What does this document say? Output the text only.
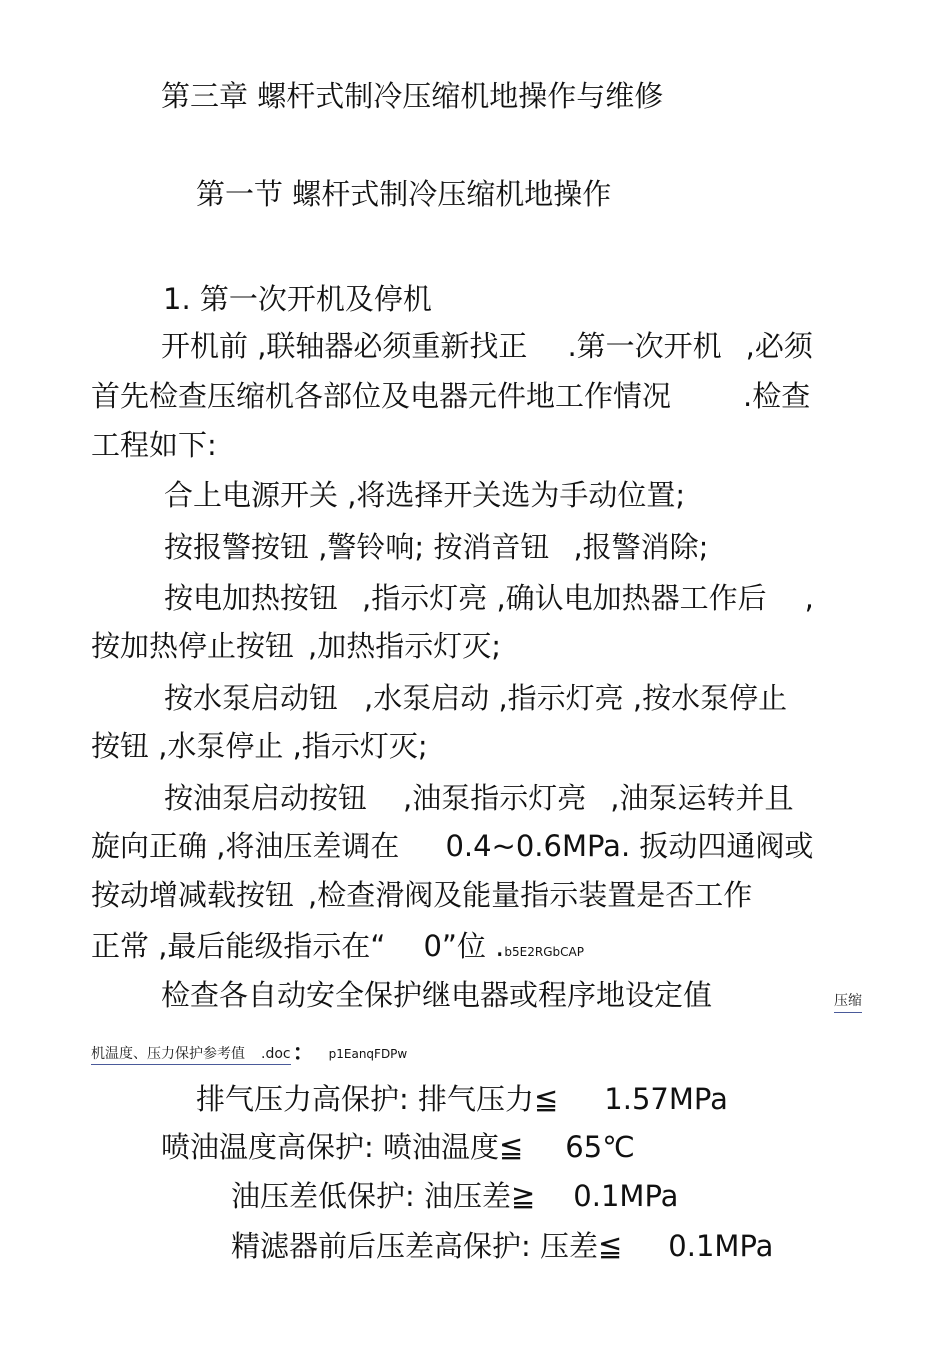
第三章 螺杆式制冷压缩机地操作与维修
第一节 螺杆式制冷压缩机地操作
1. 第一次开机及停机

开机前 ,联轴器必须重新找正 .第一次开机 ,必须

首先检查压缩机各部位及电器元件地工作情况 .检查

工程如下:

合上电源开关 ,将选择开关选为手动位置;

按报警按钮 ,警铃响; 按消音钮 ,报警消除;

按电加热按钮 ,指示灯亮 ,确认电加热器工作后 ,

按加热停止按钮 ,加热指示灯灭;

按水泵启动钮 ,水泵启动 ,指示灯亮 ,按水泵停止

按钮 ,水泵停止 ,指示灯灭;

按油泵启动按钮 ,油泵指示灯亮 ,油泵运转并且

旋向正确 ,将油压差调在 0.4~0.6MPa. 扳动四通阀或

按动增减载按钮 ,检查滑阀及能量指示装置是否工作

正常 ,最后能级指示在“ 0”位 .b5E2RGbCAP

检查各自动安全保护继电器或程序地设定值	压缩
机温度、压力保护参考值 .doc： p1EanqFDPw

排气压力高保护: 排气压力≦ 1.57MPa

喷油温度高保护: 喷油温度≦ 65℃

油压差低保护: 油压差≧ 0.1MPa

精滤器前后压差高保护: 压差≦ 0.1MPa
